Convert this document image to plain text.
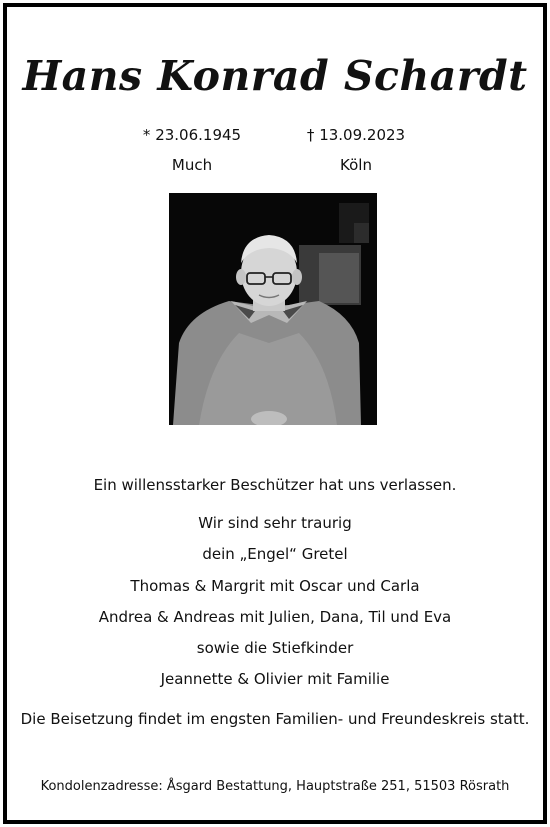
Hans Konrad Schardt
* 23.06.1945
Much
† 13.09.2023
Köln
Ein willensstarker Beschützer hat uns verlassen.
Wir sind sehr traurig
dein „Engel“ Gretel
Thomas & Margrit mit Oscar und Carla
Andrea & Andreas mit Julien, Dana, Til und Eva
sowie die Stiefkinder
Jeannette & Olivier mit Familie
Die Beisetzung findet im engsten Familien- und Freundeskreis statt.
Kondolenzadresse: Åsgard Bestattung, Hauptstraße 251, 51503 Rösrath
